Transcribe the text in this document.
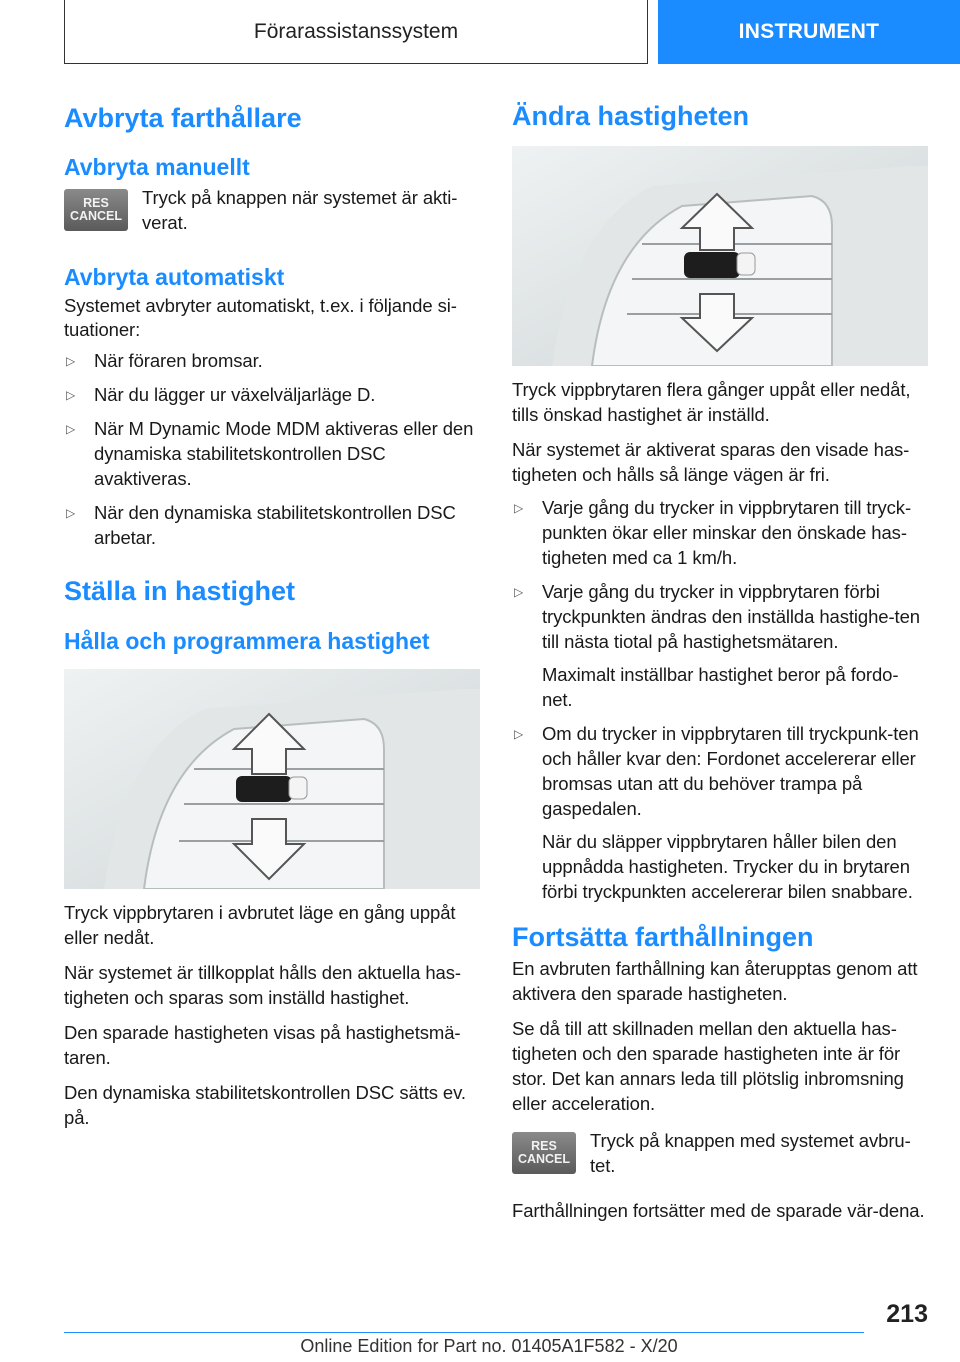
Förarassistanssystem	INSTRUMENT
Avbryta farthållare
Avbryta manuellt
RES
CANCEL

Tryck på knappen när systemet är akti-verat.

Avbryta automatiskt

Systemet avbryter automatiskt, t.ex. i följande si-tuationer:

▷ När föraren bromsar.
▷ När du lägger ur växelväljarläge D.
▷ När M Dynamic Mode MDM aktiveras eller den dynamiska stabilitetskontrollen DSC avaktiveras.
▷ När den dynamiska stabilitetskontrollen DSC arbetar.
Ställa in hastighet
Hålla och programmera hastighet

Tryck vippbrytaren i avbrutet läge en gång uppåt eller nedåt.

När systemet är tillkopplat hålls den aktuella has-tigheten och sparas som inställd hastighet.

Den sparade hastigheten visas på hastighetsmä-taren.

Den dynamiska stabilitetskontrollen DSC sätts ev. på.

Ändra hastigheten

Tryck vippbrytaren flera gånger uppåt eller nedåt, tills önskad hastighet är inställd.

När systemet är aktiverat sparas den visade has-tigheten och hålls så länge vägen är fri.

▷ Varje gång du trycker in vippbrytaren till tryck-punkten ökar eller minskar den önskade has-tigheten med ca 1 km/h.
▷ Varje gång du trycker in vippbrytaren förbi tryckpunkten ändras den inställda hastighe-ten till nästa tiotal på hastighetsmätaren.

Maximalt inställbar hastighet beror på fordo-net.

▷ Om du trycker in vippbrytaren till tryckpunk-ten och håller kvar den: Fordonet accelererar eller bromsas utan att du behöver trampa på gaspedalen.

När du släpper vippbrytaren håller bilen den uppnådda hastigheten. Trycker du in brytaren förbi tryckpunkten accelererar bilen snabbare.

Fortsätta farthållningen

En avbruten farthållning kan återupptas genom att aktivera den sparade hastigheten.

Se då till att skillnaden mellan den aktuella has-tigheten och den sparade hastigheten inte är för stor. Det kan annars leda till plötslig inbromsning eller acceleration.

RES
CANCEL

Tryck på knappen med systemet avbru-tet.

Farthållningen fortsätter med de sparade vär-dena.

213
Online Edition for Part no. 01405A1F582 - X/20
